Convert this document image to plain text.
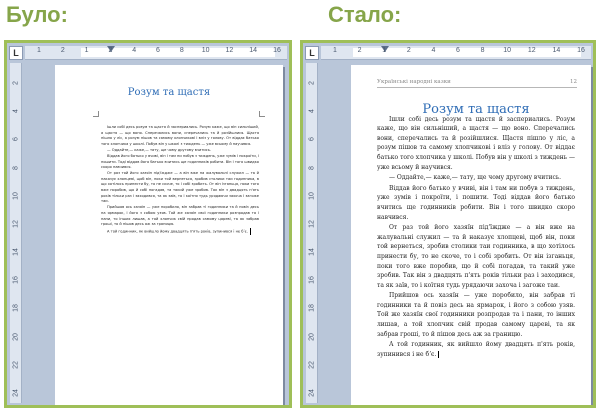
Було:	Стало:
L	1	2	1	2	4	6	8	10 12 14 16
2
4
6
8
10
12
14
16
18
20
22
24
Розум та щастя

Ішли собі десь розум та щастя й заспериались. Розум каже, що він сильніший, а щастя — що воно. Сперечались вони, сперечались та й розійшлися. Щастя пішло у ліс, а розум пішов та самому хлопчикові і влiз у голову. От віддає батько того хлопчика у школі. Побув він у школі з тиждень — уже всьому й научився.

— Оддайте,— каже,— тату, ще чому другому вчитись.

Віддав його батько у вчиві, він і там ни побув з тиждень, уже зумів і покроїти, і пошити. Тоді віддав його батько вчитись ще годинників робити. Він і того швидко скоро навчився.

От раз той його хазяїн під'їждже — а він вже на жалувальні служил — та й наказує хлопцеві, щоб він, поки той вернеться, зробив столики таи годинника, в що хотілось принести бу, то не скоче, то і собі зробить. От він ізганьця, поки того вже поробив, що й собі погадав, та такий уже зробив. Так він з двадцять п'ять років тільки раз і заходився, та як заїв, то і коїтня тудь урядаючи захоча і загоже таи.

Прийшов ось хазяїн — уже поробило, він забрав ті годинники та й повіз десь на ярмарок, і його з собою узяв. Той же хазяїн свої годинники розпродав та і пани, то інших лишав, а той хлопчик свій продав самому цареві, та як забрав гроші, то й пішов десь аж за границю.

А той годинник, як вийшло йому двадцять п'ять років, зупинився і не бʼє.

L	1	2	1	2	4	6	8	10 12 14 16
2
4
6
8
10
12
14
16
18
20
22
24
Українські народні казки	12
Розум та щастя

Ішли собі десь розум та щастя й заспериались. Розум каже, що він сильніший, а щастя — що воно. Сперечались вони, сперечались та й розійшлися. Щастя пішло у ліс, а розум пішов та самому хлопчикові і влiз у голову. От віддає батько того хлопчика у школі. Побув він у школі з тиждень — уже всьому й научився.

— Оддайте,— каже,— тату, ще чому другому вчитись.

Віддав його батько у вчиві, він і там ни побув з тиждень, уже зумів і покроїти, і пошити. Тоді віддав його батько вчитись ще годинників робити. Він і того швидко скоро навчився.

От раз той його хазяїн під'їждже — а він вже на жалувальні служил — та й наказує хлопцеві, щоб він, поки той вернеться, зробив столики таи годинника, в що хотілось принести бу, то не скоче, то і собі зробить. От він ізганьця, поки того вже поробив, що й собі погадав, та такий уже зробив. Так він з двадцять п'ять років тільки раз і заходився, та як заїв, то і коїтня тудь урядаючи захоча і загоже таи.

Прийшов ось хазяїн — уже поробило, він забрав ті годинники та й повіз десь на ярмарок, і його з собою узяв. Той же хазяїн свої годинники розпродав та і пани, то інших лишав, а той хлопчик свій продав самому цареві, та як забрав гроші, то й пішов десь аж за границю.

А той годинник, як вийшло йому двадцять п'ять років, зупинився і не бʼє.
